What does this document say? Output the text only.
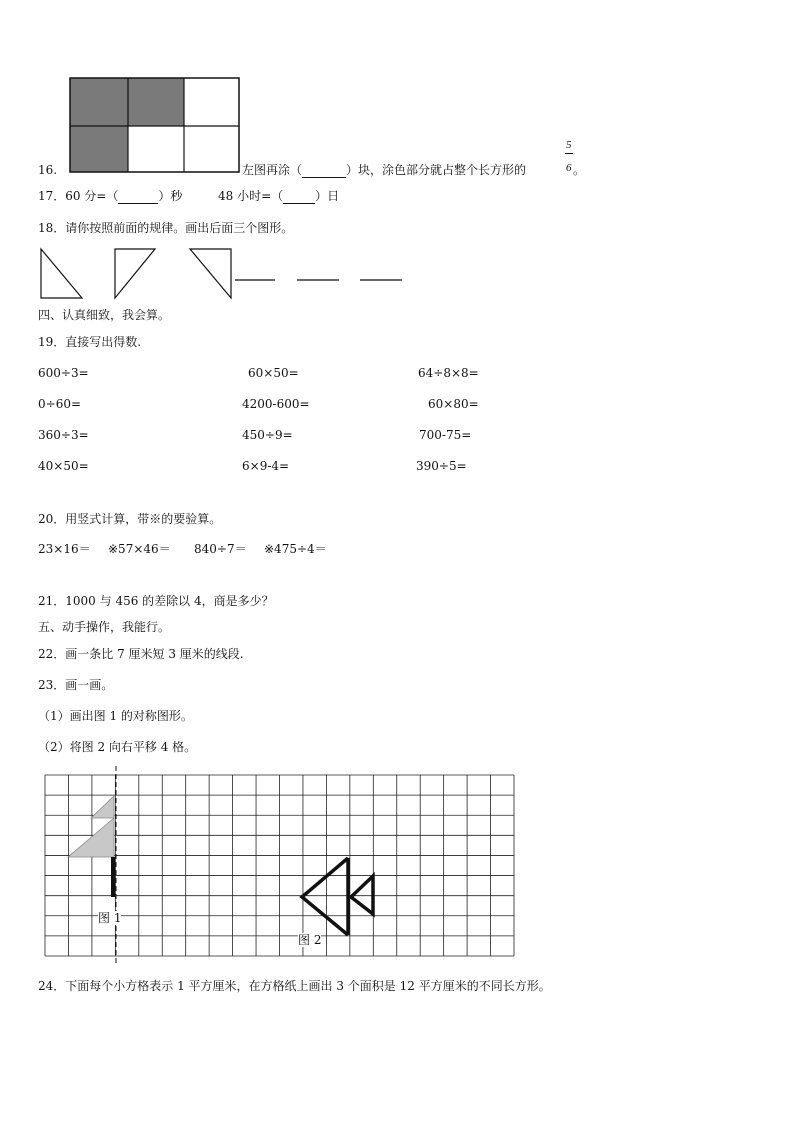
16.	左图再涂（	）块，涂色部分就占整个长方形的
5
6 。
17．60 分=（	）秒	48 小时=（	）日
18．请你按照前面的规律。画出后面三个图形。
四、认真细致，我会算。
19．直接写出得数.
600÷3=	60×50=	64÷8×8=
0÷60=	4200-600=	60×80=
360÷3=	450÷9=	700-75=
40×50=	6×9-4=	390÷5=
20．用竖式计算，带※的要验算。
23×16＝ ※57×46＝ 840÷7＝ ※475÷4＝
21．1000 与 456 的差除以 4，商是多少？
五、动手操作，我能行。
22．画一条比 7 厘米短 3 厘米的线段.
23．画一画。
（1）画出图 1 的对称图形。
（2）将图 2 向右平移 4 格。
图 1
图 2
24．下面每个小方格表示 1 平方厘米，在方格纸上画出 3 个面积是 12 平方厘米的不同长方形。
